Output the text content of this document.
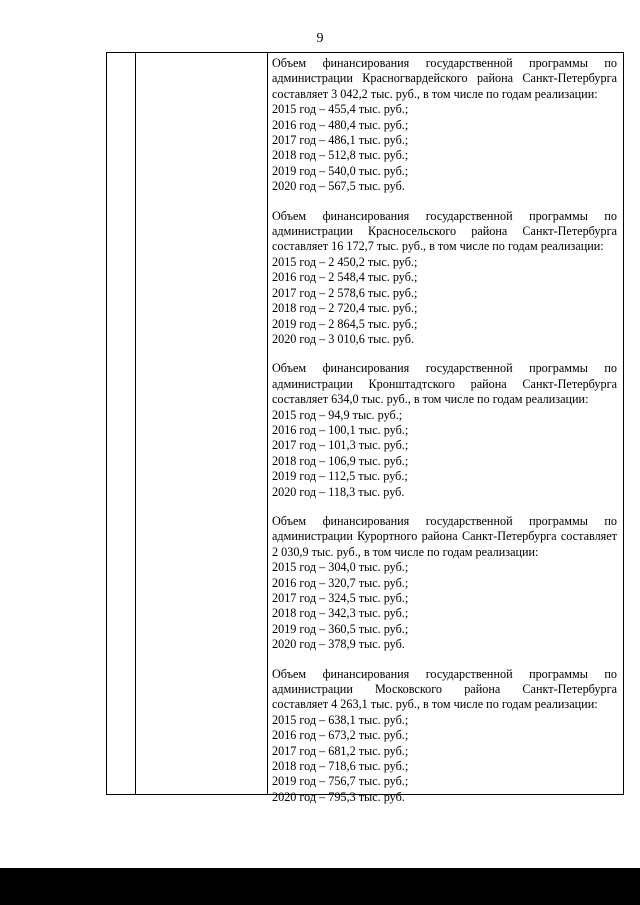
9
Объем финансирования государственной программы по администрации Красногвардейского района Санкт-Петербурга составляет 3 042,2 тыс. руб., в том числе по годам реализации:
2015 год – 455,4 тыс. руб.;
2016 год – 480,4 тыс. руб.;
2017 год – 486,1 тыс. руб.;
2018 год – 512,8 тыс. руб.;
2019 год – 540,0 тыс. руб.;
2020 год – 567,5 тыс. руб.
Объем финансирования государственной программы по администрации Красносельского района Санкт-Петербурга составляет 16 172,7 тыс. руб., в том числе по годам реализации:
2015 год – 2 450,2 тыс. руб.;
2016 год – 2 548,4 тыс. руб.;
2017 год – 2 578,6 тыс. руб.;
2018 год – 2 720,4 тыс. руб.;
2019 год – 2 864,5 тыс. руб.;
2020 год – 3 010,6 тыс. руб.
Объем финансирования государственной программы по администрации Кронштадтского района Санкт-Петербурга составляет 634,0 тыс. руб., в том числе по годам реализации:
2015 год – 94,9 тыс. руб.;
2016 год – 100,1 тыс. руб.;
2017 год – 101,3 тыс. руб.;
2018 год – 106,9 тыс. руб.;
2019 год – 112,5 тыс. руб.;
2020 год – 118,3 тыс. руб.
Объем финансирования государственной программы по администрации Курортного района Санкт-Петербурга составляет 2 030,9 тыс. руб., в том числе по годам реализации:
2015 год – 304,0 тыс. руб.;
2016 год – 320,7 тыс. руб.;
2017 год – 324,5 тыс. руб.;
2018 год – 342,3 тыс. руб.;
2019 год – 360,5 тыс. руб.;
2020 год – 378,9 тыс. руб.
Объем финансирования государственной программы по администрации Московского района Санкт-Петербурга составляет 4 263,1 тыс. руб., в том числе по годам реализации:
2015 год – 638,1 тыс. руб.;
2016 год – 673,2 тыс. руб.;
2017 год – 681,2 тыс. руб.;
2018 год – 718,6 тыс. руб.;
2019 год – 756,7 тыс. руб.;
2020 год – 795,3 тыс. руб.
